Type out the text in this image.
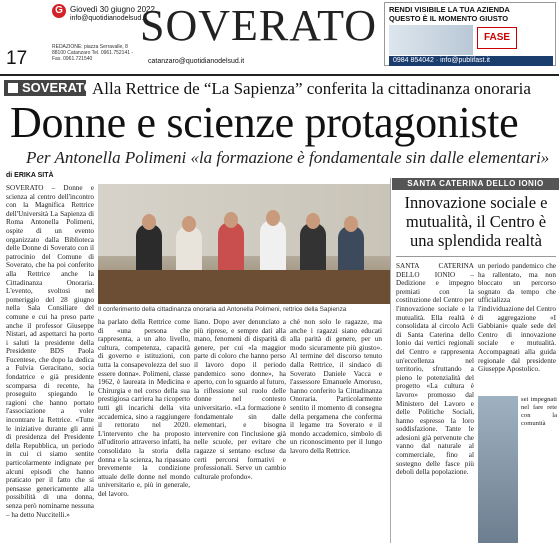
17
G Giovedì 30 giugno 2022
info@quotidianodelsud.it
REDAZIONE: piazza Serravalle, 8 88100 Catanzaro Tel. 0961.752141 - Fax. 0961.721540
SOVERATO
catanzaro@quotidianodelsud.it
RENDI VISIBILE LA TUA AZIENDA
QUESTO È IL MOMENTO GIUSTO
FASE
0984 854042 · info@publifast.it
SOVERATO
Alla Rettrice de “La Sapienza” conferita la cittadinanza onoraria
Donne e scienze protagoniste
Per Antonella Polimeni «la formazione è fondamentale sin dalle elementari»
di ERIKA SITÀ
SOVERATO – Donne e scienza al centro dell'incontro con la Magnifica Rettrice dell'Università La Sapienza di Roma Antonella Polimeni, ospite di un evento organizzato dalla Biblioteca delle Donne di Soverato con il patrocinio del Comune di Soverato, che ha poi conferito alla Rettrice anche la Cittadinanza Onoraria. L'evento, svoltosi nel pomeriggio del 28 giugno nella Sala Consiliare del comune e cui ha preso parte anche il professor Giuseppe Nistari, ad aspettarci ha porto i saluti la presidente della Presidente BDS Paola Fucentese, che dopo la dedica a Fulvia Geracitano, socia fondatrice e già presidente scomparsa di recente, ha proseguito spiegando le ragioni che hanno portato l'associazione a voler incontrare la Rettrice. «Tutte le iniziative durante gli anni di presidenza del Presidente della Repubblica, un periodo in cui ci siamo sentite particolarmente indignate per alcuni episodi che hanno praticato per il fatto che si pensasse genericamente alla possibilità di una donna, senza però nominarne nessuna – ha detto Nuccitelli.»
Il conferimento della cittadinanza onoraria ad Antonella Polimeni, rettrice della Sapienza
ha parlato della Rettrice come di «una persona che rappresenta, a un alto livello, cultura, competenza, capacità di governo e istituzioni, con tutta la consapevolezza del suo essere donna». Polimeni, classe 1962, è laureata in Medicina e Chirurgia e nel corso della sua prestigiosa carriera ha ricoperto tutti gli incarichi della vita accademica, sino a raggiungere il rettorato nel 2020. L'intervento che ha proposto all'uditorio attraverso infatti, ha consolidato la storia della donna e la scienza, ha ripassato brevemente la condizione attuale delle donne nel mondo universitario e, più in generale, del lavoro.
liano. Dopo aver denunciato a più riprese, e sempre dati alla mano, fenomeni di disparità di genere, per cui «la maggior parte di coloro che hanno perso il lavoro dopo il periodo pandemico sono donne», ha aperto, con lo sguardo al futuro, la riflessione sul ruolo delle donne nel contesto universitario. «La formazione è fondamentale sin dalle elementari, e bisogna intervenire con l'inclusione già nelle scuole, per evitare che ragazze si sentano escluse da certi percorsi formativi e professionali. Serve un cambio culturale profondo».
ché non solo le ragazze, ma anche i ragazzi siano educati alla parità di genere, per un modo sicuramente più giusto». Al termine del discorso tenuto dalla Rettrice, il sindaco di Soverato Daniele Vacca e l'assessore Emanuele Amoruso, hanno conferito la Cittadinanza Onoraria. Particolarmente sentito il momento di consegna della pergamena che conferma il legame tra Soverato e il mondo accademico, simbolo di un riconoscimento per il lungo lavoro della Rettrice.
SANTA CATERINA DELLO IONIO
Innovazione sociale e mutualità, il Centro è una splendida realtà
SANTA CATERINA DELLO IONIO – Dedizione e impegno premiati con la costituzione del Centro per l'innovazione sociale e la mutualità. Ella realtà è consolidata al circolo Acli di Santa Caterina dello Ionio dai vertici regionali del Centro e rappresenta un'eccellenza nel territorio, sfruttando a pieno le potenzialità del progetto «La cultura è lavoro» promosso dal Ministero del Lavoro e delle Politiche Sociali, hanno espresso la loro soddisfazione. Tante le adesioni già pervenute che vanno dal naturale al commerciale, fino al sostegno delle fasce più deboli della popolazione.
un periodo pandemico che ha rallentato, ma non bloccato un percorso sognato da tempo che ufficializza l'individuazione del Centro di aggregazione «I Gabbiani» quale sede del Centro di innovazione sociale e mutualità. Accompagnati alla guida regionale dal presidente Giuseppe Apostolico.
sei impegnati nel fare rete con la comunità
